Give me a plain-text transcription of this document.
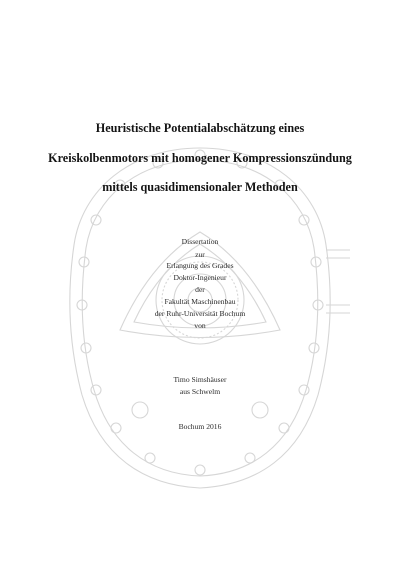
Heuristische Potentialabschätzung eines
Kreiskolbenmotors mit homogener Kompressionszündung
mittels quasidimensionaler Methoden
Dissertation
zur
Erlangung des Grades
Doktor-Ingenieur
der
Fakultät Maschinenbau
der Ruhr-Universität Bochum
von
Timo Simshäuser
aus Schwelm
Bochum 2016
